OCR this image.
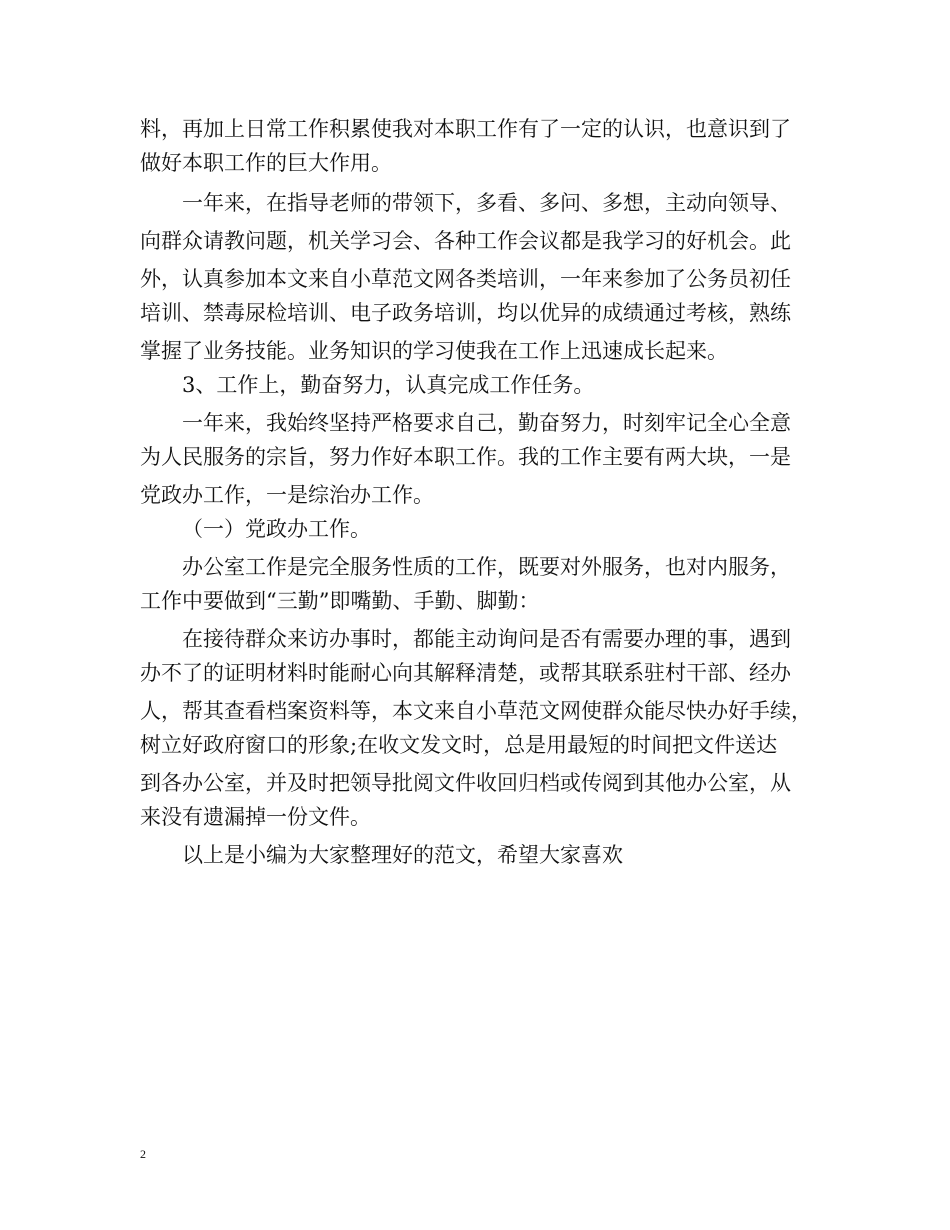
料，再加上日常工作积累使我对本职工作有了一定的认识，也意识到了
做好本职工作的巨大作用。
一年来，在指导老师的带领下，多看、多问、多想，主动向领导、
向群众请教问题，机关学习会、各种工作会议都是我学习的好机会。此
外，认真参加本文来自小草范文网各类培训，一年来参加了公务员初任
培训、禁毒尿检培训、电子政务培训，均以优异的成绩通过考核，熟练
掌握了业务技能。业务知识的学习使我在工作上迅速成长起来。
3、工作上，勤奋努力，认真完成工作任务。
一年来，我始终坚持严格要求自己，勤奋努力，时刻牢记全心全意
为人民服务的宗旨，努力作好本职工作。我的工作主要有两大块，一是
党政办工作，一是综治办工作。
（一）党政办工作。
办公室工作是完全服务性质的工作，既要对外服务，也对内服务，
工作中要做到“三勤”即嘴勤、手勤、脚勤：
在接待群众来访办事时，都能主动询问是否有需要办理的事，遇到
办不了的证明材料时能耐心向其解释清楚，或帮其联系驻村干部、经办
人，帮其查看档案资料等，本文来自小草范文网使群众能尽快办好手续，
树立好政府窗口的形象;在收文发文时，总是用最短的时间把文件送达
到各办公室，并及时把领导批阅文件收回归档或传阅到其他办公室，从
来没有遗漏掉一份文件。
以上是小编为大家整理好的范文，希望大家喜欢
2
